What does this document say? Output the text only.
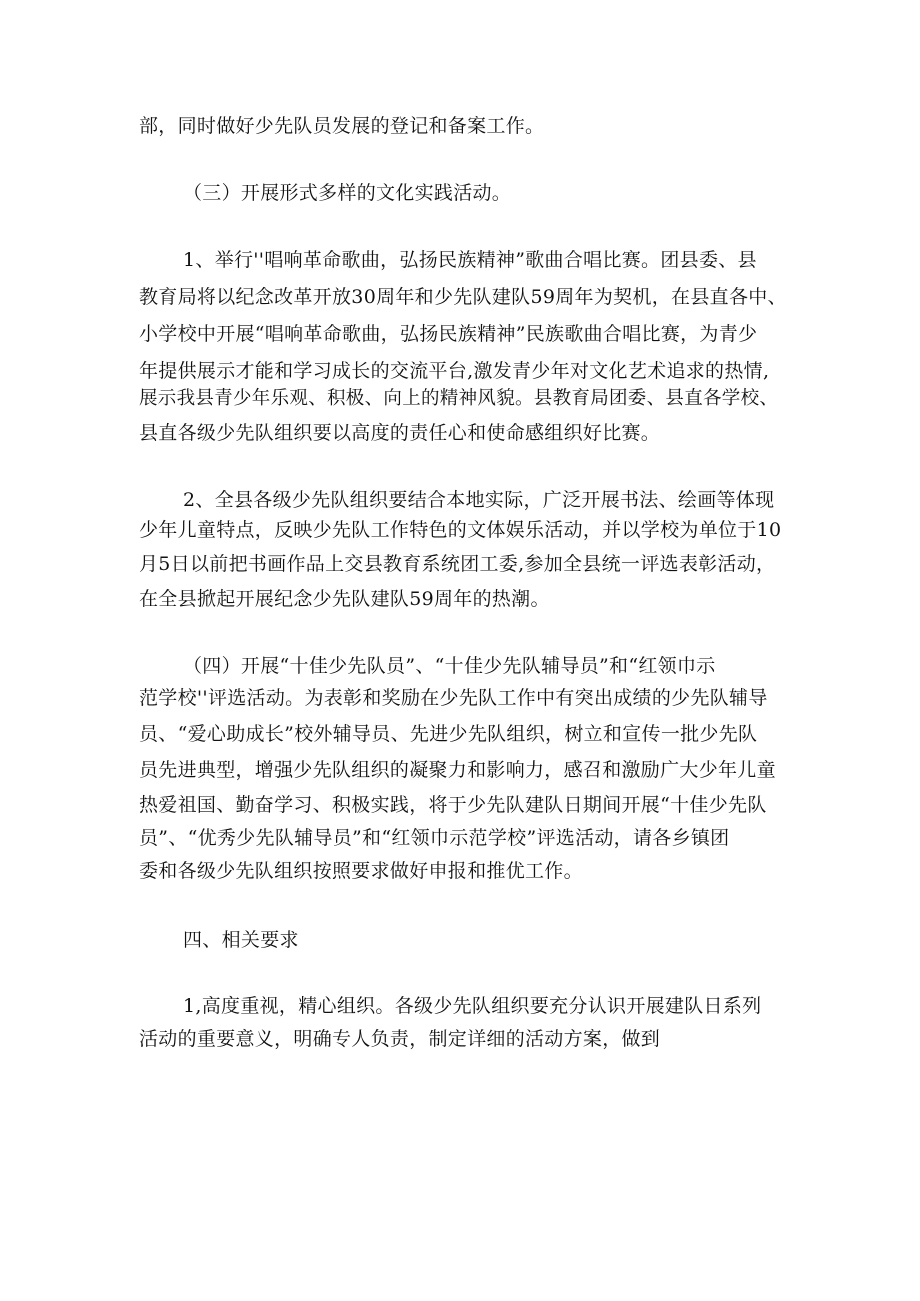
部，同时做好少先队员发展的登记和备案工作。
（三）开展形式多样的文化实践活动。
1、举行''唱响革命歌曲，弘扬民族精神”歌曲合唱比赛。团县委、县
教育局将以纪念改革开放30周年和少先队建队59周年为契机，在县直各中、
小学校中开展“唱响革命歌曲，弘扬民族精神”民族歌曲合唱比赛，为青少
年提供展示才能和学习成长的交流平台,激发青少年对文化艺术追求的热情,
展示我县青少年乐观、积极、向上的精神风貌。县教育局团委、县直各学校、
县直各级少先队组织要以高度的责任心和使命感组织好比赛。
2、全县各级少先队组织要结合本地实际，广泛开展书法、绘画等体现
少年儿童特点，反映少先队工作特色的文体娱乐活动，并以学校为单位于10
月5日以前把书画作品上交县教育系统团工委,参加全县统一评选表彰活动，
在全县掀起开展纪念少先队建队59周年的热潮。
（四）开展“十佳少先队员”、“十佳少先队辅导员”和“红领巾示
范学校''评选活动。为表彰和奖励在少先队工作中有突出成绩的少先队辅导
员、“爱心助成长”校外辅导员、先进少先队组织，树立和宣传一批少先队
员先进典型，增强少先队组织的凝聚力和影响力，感召和激励广大少年儿童
热爱祖国、勤奋学习、积极实践，将于少先队建队日期间开展“十佳少先队
员”、“优秀少先队辅导员”和“红领巾示范学校”评选活动，请各乡镇团
委和各级少先队组织按照要求做好申报和推优工作。
四、相关要求
1,高度重视，精心组织。各级少先队组织要充分认识开展建队日系列
活动的重要意义，明确专人负责，制定详细的活动方案，做到
